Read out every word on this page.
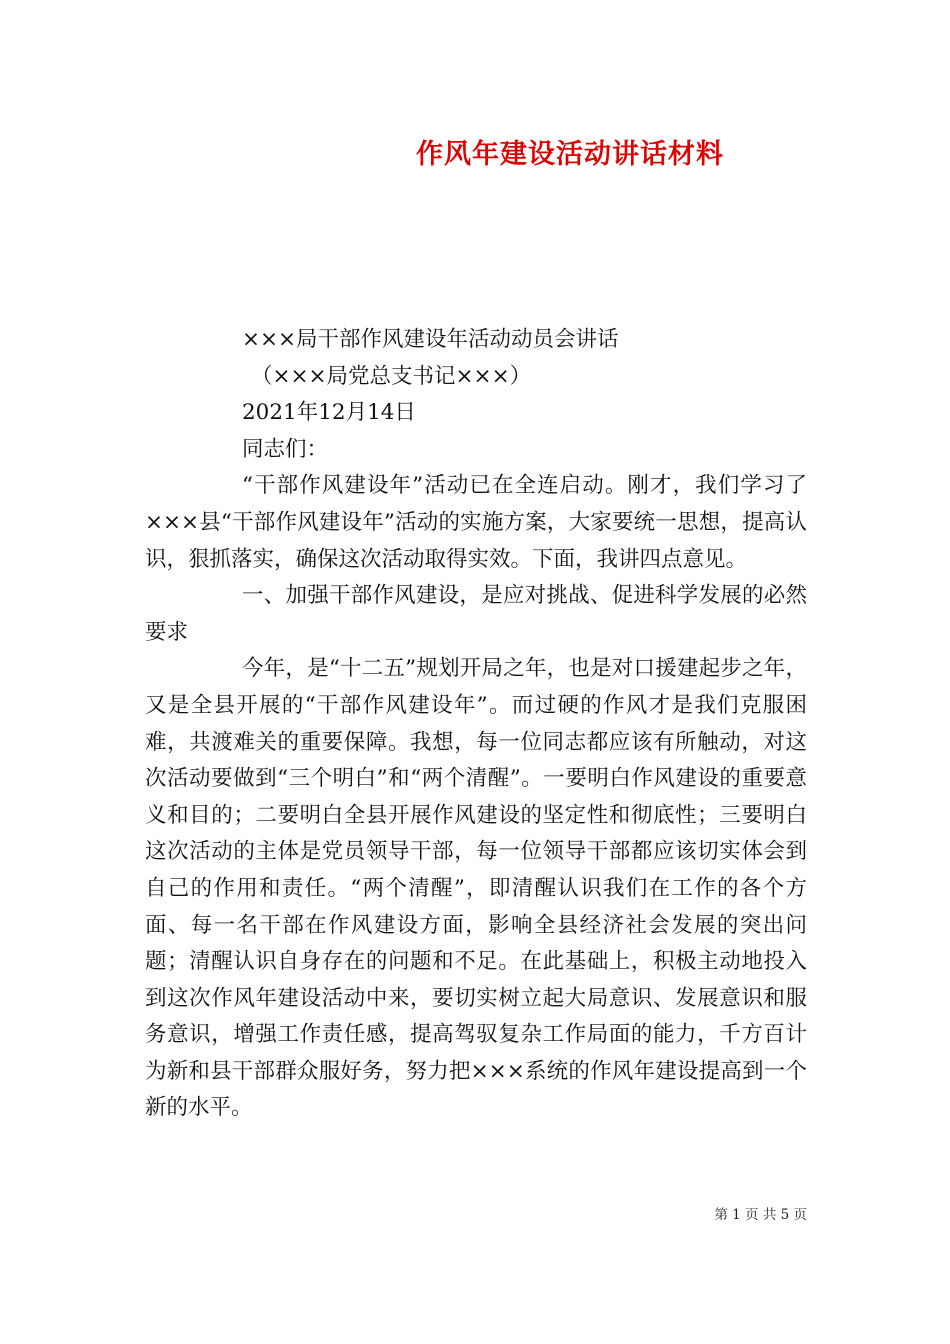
作风年建设活动讲话材料

×××局干部作风建设年活动动员会讲话

（×××局党总支书记×××）

2021年12月14日

同志们：

“干部作风建设年”活动已在全连启动。刚才，我们学习了×××县“干部作风建设年”活动的实施方案，大家要统一思想，提高认识，狠抓落实，确保这次活动取得实效。下面，我讲四点意见。

一、加强干部作风建设，是应对挑战、促进科学发展的必然要求

今年，是“十二五”规划开局之年，也是对口援建起步之年，又是全县开展的“干部作风建设年”。而过硬的作风才是我们克服困难，共渡难关的重要保障。我想，每一位同志都应该有所触动，对这次活动要做到“三个明白”和“两个清醒”。一要明白作风建设的重要意义和目的；二要明白全县开展作风建设的坚定性和彻底性；三要明白这次活动的主体是党员领导干部，每一位领导干部都应该切实体会到自己的作用和责任。“两个清醒”，即清醒认识我们在工作的各个方面、每一名干部在作风建设方面，影响全县经济社会发展的突出问题；清醒认识自身存在的问题和不足。在此基础上，积极主动地投入到这次作风年建设活动中来，要切实树立起大局意识、发展意识和服务意识，增强工作责任感，提高驾驭复杂工作局面的能力，千方百计为新和县干部群众服好务，努力把×××系统的作风年建设提高到一个新的水平。

第 1 页 共 5 页
